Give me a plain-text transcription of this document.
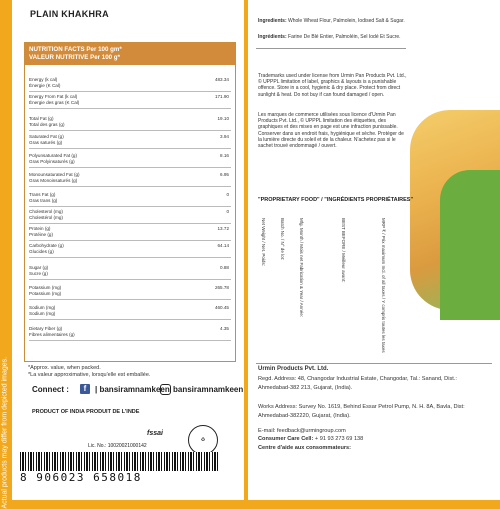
Actual products may differ from depicted images.
PLAIN KHAKHRA
NUTRITION FACTS Per 100 gm*
VALEUR NUTRITIVE Per 100 g*
Energy (k cal)
Énergie (K Cal)
483.34
Energy From Fat (k cal)
Énergie des gras (K Cal)
171.90
Total Fat (g)
Total des gras (g)
19.10
Saturated Fat (g)
Gras saturés (g)
3.94
Polyunsaturated Fat (g)
Gras Polyinsaturés (g)
8.16
Monounsaturated Fat (g)
Gras Monoinsaturés (g)
6.95
Trans Fat (g)
Gras trans (g)
0
Cholesterol (mg)
Cholestérol (mg)
0
Protein (g)
Protéine (g)
13.72
Carbohydrate (g)
Glucides (g)
64.14
Sugar (g)
Sucre (g)
0.88
Potassium (mg)
Potassium (mg)
265.78
Sodium (mg)
Sodium (mg)
460.45
Dietary Fiber (g)
Fibres alimentaires (g)
4.35
*Approx. value, when packed.
*La valeur approximative, lorsqu'elle est emballée.
Connect :	f	| bansiramnamkeen bansiramnamkeen
PRODUCT OF INDIA PRODUIT DE L'INDE
fssai
Lic. No.: 10020021000142
♻
8 906023 658018
Ingredients: Whole Wheat Flour, Palmolein, Iodised Salt & Sugar.
Ingrédients: Farine De Blé Entier, Palmoléin, Sel Iodé Et Sucre.
Trademarks used under license from Urmin Pan Products Pvt. Ltd., © UPPPL limitation of label, graphics & layouts is a punishable offence. Store in a cool, hygienic & dry place. Protect from direct sunlight & heat. Do not buy if can found damaged / open.
Les marques de commerce utilisées sous licence d'Urmin Pan Products Pvt. Ltd., © UPPPL limitation des étiquettes, des graphiques et des mises en page est une infraction punissable. Conserver dans un endroit frais, hygiénique et sèche. Protéger de la lumière directe du soleil et de la chaleur. N'achetez pas si le sachet trouvé endommagé / ouvert.
"PROPRIETARY FOOD" / "INGRÉDIENTS PROPRIÉTAIRES"
Net Weight / Net. Poids:	Batch No. / N° de lot:	Mfg. Month / Mois net Fabrication & Year / Année:	BEST BEFORE / Meilleur avant:	MRP ₹ / Prix maximum Incl. of all taxes / Y compris toutes les taxes
Urmin Products Pvt. Ltd.
Regd. Address: 48, Changodar Industrial Estate, Changodar, Tal.: Sanand, Dist.: Ahmedabad-382 213, Gujarat, (India).
Works Address: Survey No. 1619, Behind Essar Petrol Pump, N. H. 8A, Bavla, Dist: Ahmedabad-382220, Gujarat, (India).
E-mail: feedback@urmingroup.com
Consumer Care Cell: + 91 93 273 69 138
Centre d'aide aux consommateurs:
